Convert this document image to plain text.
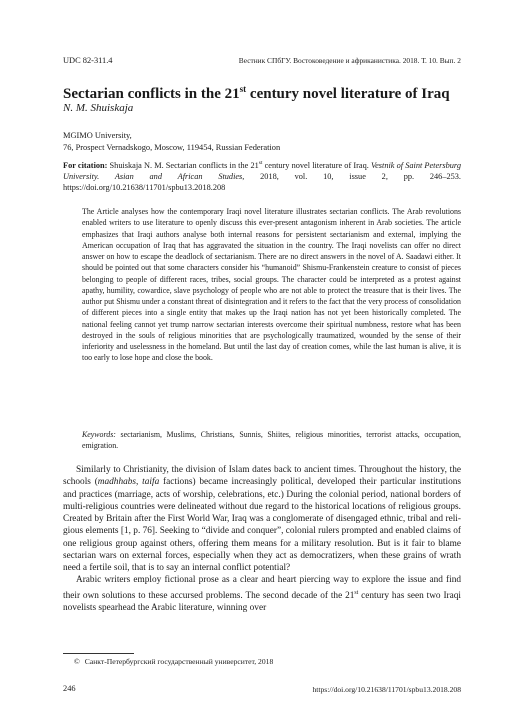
UDC 82-311.4	Вестник СПбГУ. Востоковедение и африканистика. 2018. Т. 10. Вып. 2
Sectarian conflicts in the 21st century novel literature of Iraq
N. M. Shuiskaja
MGIMO University,
76, Prospect Vernadskogo, Moscow, 119454, Russian Federation
For citation: Shuiskaja N. M. Sectarian conflicts in the 21st century novel literature of Iraq. Vestnik of Saint Petersburg University. Asian and African Studies, 2018, vol. 10, issue 2, pp. 246–253. https://doi.org/10.21638/11701/spbu13.2018.208
The Article analyses how the contemporary Iraqi novel literature illustrates sectarian conflicts. The Arab revolutions enabled writers to use literature to openly discuss this ever-present antagonism inherent in Arab societies. The article emphasizes that Iraqi authors analyse both internal reasons for persistent sectarianism and external, implying the American occupation of Iraq that has aggravated the situation in the country. The Iraqi novelists can offer no direct answer on how to escape the deadlock of sectarianism. There are no direct answers in the novel of A. Saadawi either. It should be pointed out that some characters consider his “humanoid” Shismu-Frankenstein creature to consist of pieces belonging to people of different races, tribes, social groups. The character could be interpreted as a protest against apathy, humility, cowardice, slave psychology of people who are not able to protect the treasure that is their lives. The author put Shismu under a constant threat of disintegration and it refers to the fact that the very process of consolidation of different pieces into a single entity that makes up the Iraqi nation has not yet been historically completed. The national feeling cannot yet trump narrow sectarian interests overcome their spiritual numbness, restore what has been destroyed in the souls of religious minorities that are psychologically traumatized, wounded by the sense of their inferiority and uselessness in the homeland. But until the last day of creation comes, while the last human is alive, it is too early to lose hope and close the book.
Keywords: sectarianism, Muslims, Christians, Sunnis, Shiites, religious minorities, terrorist attacks, occupation, emigration.

Similarly to Christianity, the division of Islam dates back to ancient times. Throughout the history, the schools (madhhabs, taifa factions) became increasingly political, developed their particular institutions and practices (marriage, acts of worship, celebrations, etc.) During the colonial period, national borders of multi-religious countries were delineated without due regard to the historical locations of religious groups. Created by Britain after the First World War, Iraq was a conglomerate of disengaged ethnic, tribal and religious elements [1, p. 76]. Seeking to “divide and conquer”, colonial rulers prompted and enabled claims of one religious group against others, offering them means for a military resolution. But is it fair to blame sectarian wars on external forces, especially when they act as democratizers, when these grains of wrath need a fertile soil, that is to say an internal conflict potential?

Arabic writers employ fictional prose as a clear and heart piercing way to explore the issue and find their own solutions to these accursed problems. The second decade of the 21st century has seen two Iraqi novelists spearhead the Arabic literature, winning over

© Санкт-Петербургский государственный университет, 2018
246	https://doi.org/10.21638/11701/spbu13.2018.208
